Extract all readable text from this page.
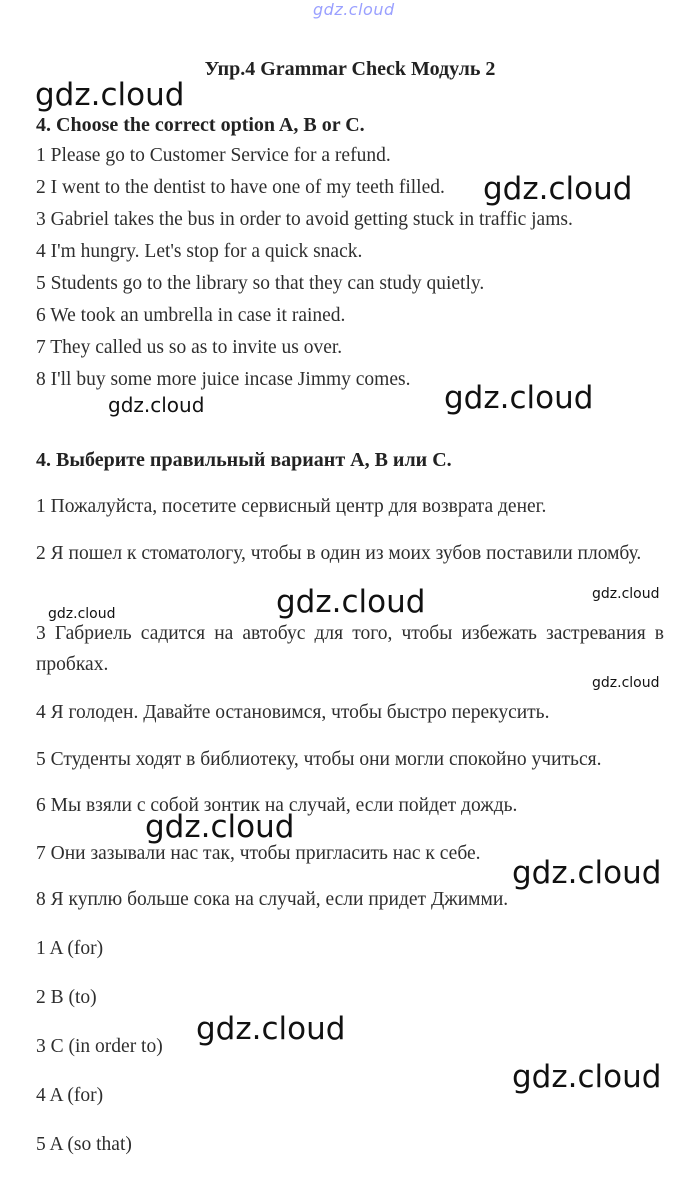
gdz.cloud
Упр.4 Grammar Check Модуль 2
4. Choose the correct option A, B or C.
1 Please go to Customer Service for a refund.
2 I went to the dentist to have one of my teeth filled.
3 Gabriel takes the bus in order to avoid getting stuck in traffic jams.
4 I'm hungry. Let's stop for a quick snack.
5 Students go to the library so that they can study quietly.
6 We took an umbrella in case it rained.
7 They called us so as to invite us over.
8 I'll buy some more juice incase Jimmy comes.
4. Выберите правильный вариант А, В или С.
1 Пожалуйста, посетите сервисный центр для возврата денег.
2 Я пошел к стоматологу, чтобы в один из моих зубов поставили пломбу.
3 Габриель садится на автобус для того, чтобы избежать застревания в пробках.
4 Я голоден. Давайте остановимся, чтобы быстро перекусить.
5 Студенты ходят в библиотеку, чтобы они могли спокойно учиться.
6 Мы взяли с собой зонтик на случай, если пойдет дождь.
7 Они зазывали нас так, чтобы пригласить нас к себе.
8 Я куплю больше сока на случай, если придет Джимми.
1 A (for)
2 B (to)
3 C (in order to)
4 A (for)
5 A (so that)
gdz.cloud
gdz.cloud
gdz.cloud	gdz.cloud
gdz.cloud	gdz.cloud	gdz.cloud
gdz.cloud
gdz.cloud
gdz.cloud
gdz.cloud
gdz.cloud
